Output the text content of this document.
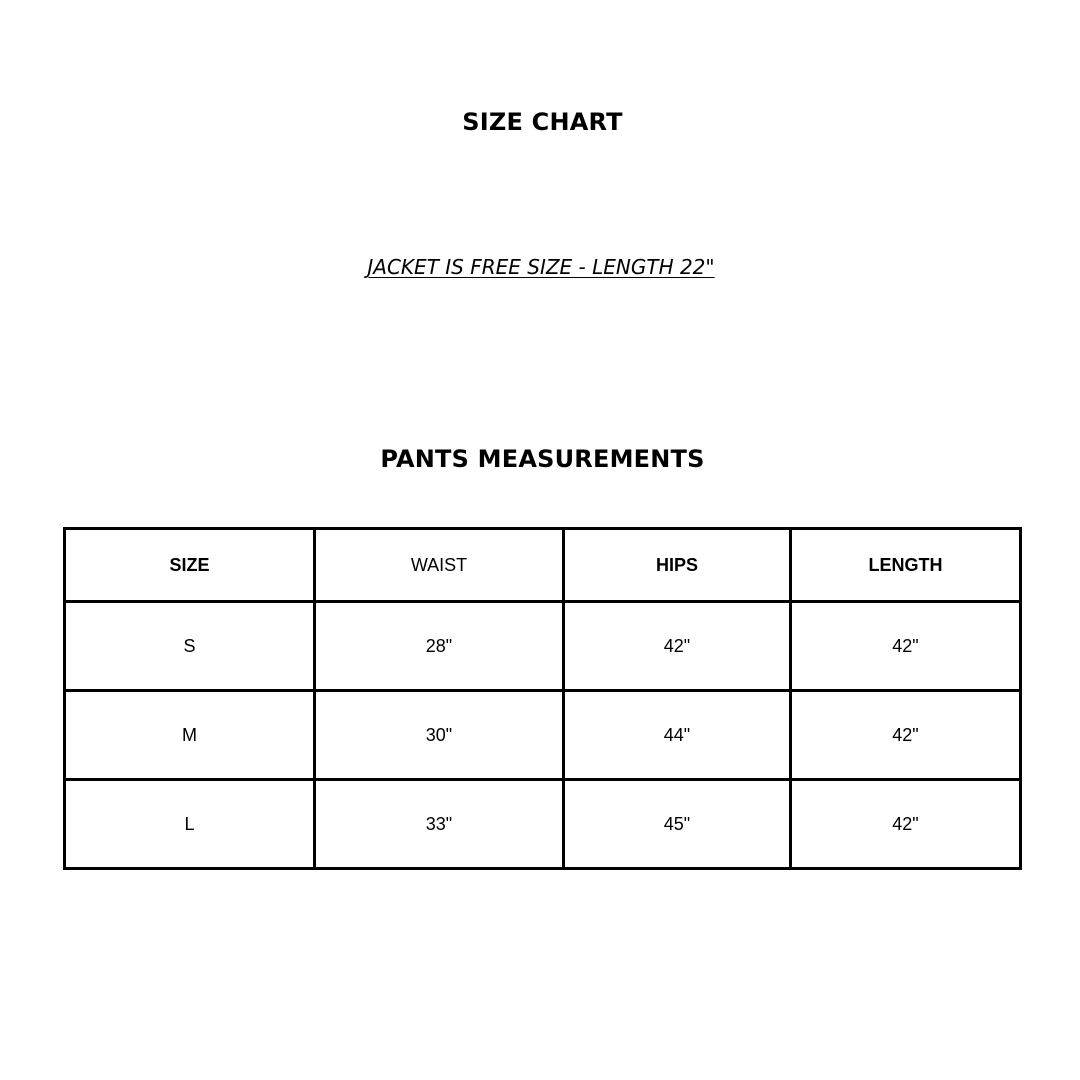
SIZE CHART
JACKET IS FREE SIZE - LENGTH 22"
PANTS MEASUREMENTS
SIZE	WAIST	HIPS	LENGTH
S	28"	42"	42"
M	30"	44"	42"
L	33"	45"	42"
